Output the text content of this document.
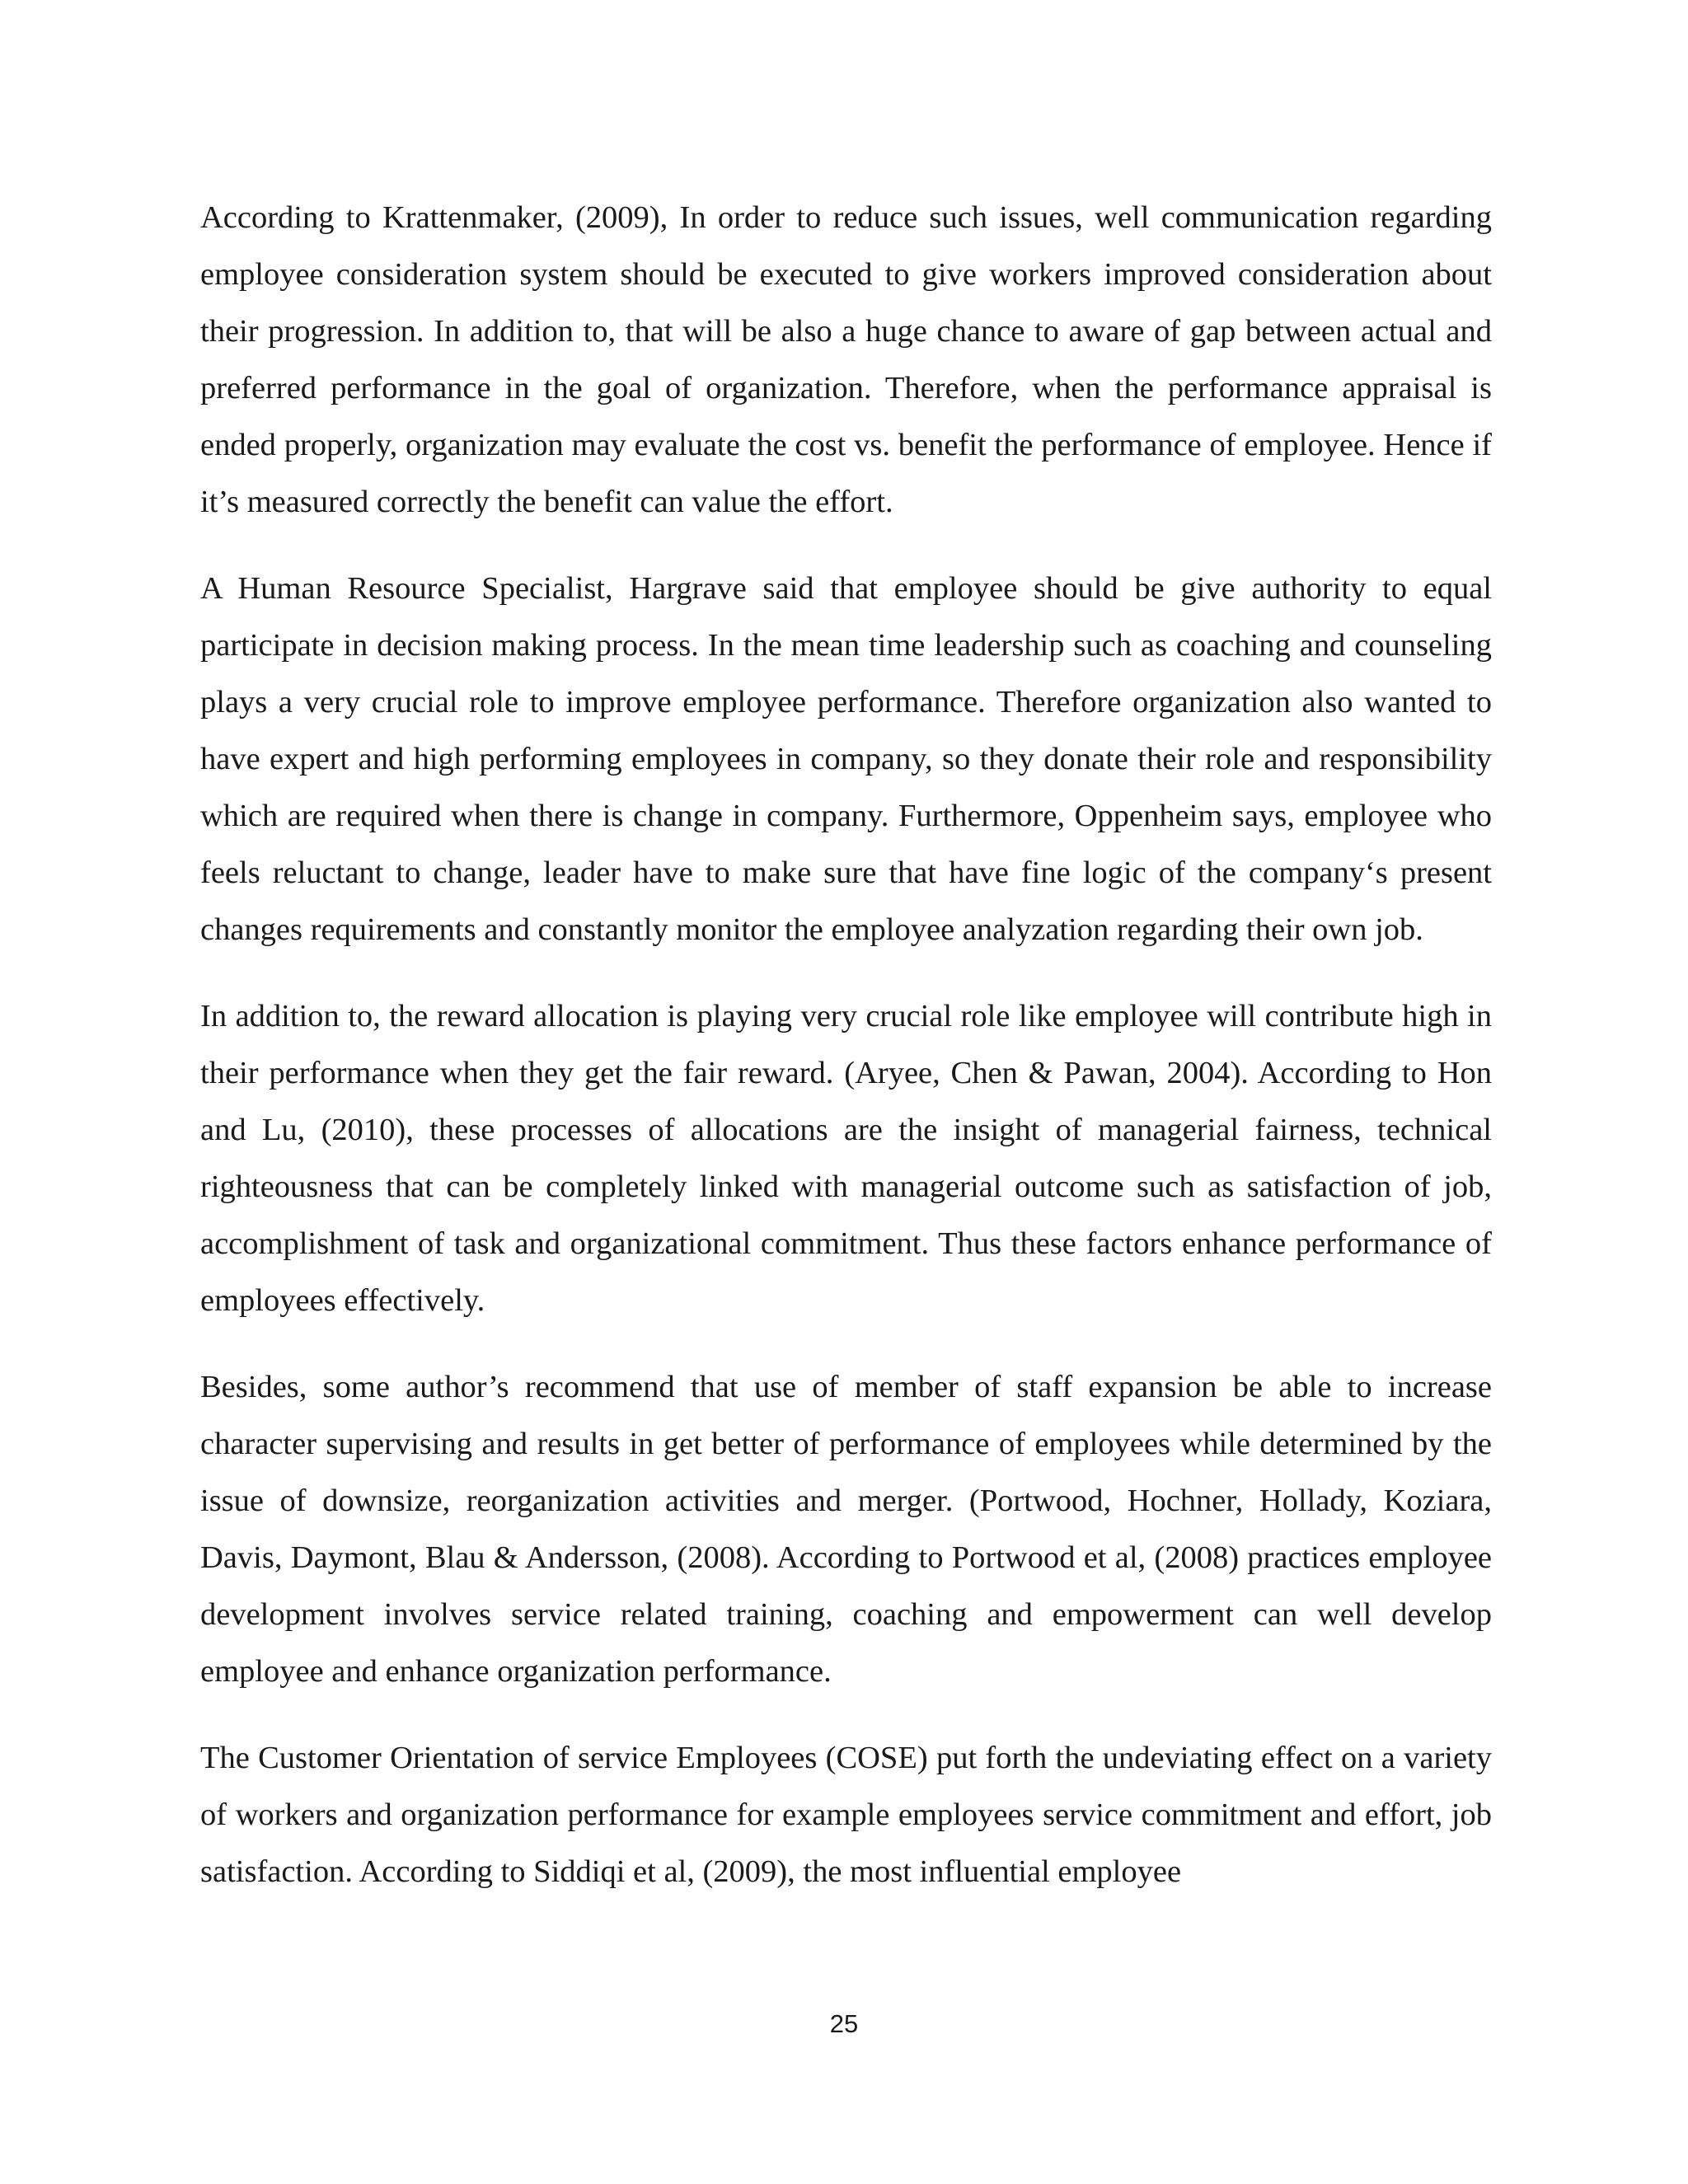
According to Krattenmaker, (2009), In order to reduce such issues, well communication regarding employee consideration system should be executed to give workers improved consideration about their progression. In addition to, that will be also a huge chance to aware of gap between actual and preferred performance in the goal of organization. Therefore, when the performance appraisal is ended properly, organization may evaluate the cost vs. benefit the performance of employee. Hence if it’s measured correctly the benefit can value the effort.

A Human Resource Specialist, Hargrave said that employee should be give authority to equal participate in decision making process. In the mean time leadership such as coaching and counseling plays a very crucial role to improve employee performance. Therefore organization also wanted to have expert and high performing employees in company, so they donate their role and responsibility which are required when there is change in company. Furthermore, Oppenheim says, employee who feels reluctant to change, leader have to make sure that have fine logic of the company‘s present changes requirements and constantly monitor the employee analyzation regarding their own job.

In addition to, the reward allocation is playing very crucial role like employee will contribute high in their performance when they get the fair reward. (Aryee, Chen & Pawan, 2004). According to Hon and Lu, (2010), these processes of allocations are the insight of managerial fairness, technical righteousness that can be completely linked with managerial outcome such as satisfaction of job, accomplishment of task and organizational commitment. Thus these factors enhance performance of employees effectively.

Besides, some author’s recommend that use of member of staff expansion be able to increase character supervising and results in get better of performance of employees while determined by the issue of downsize, reorganization activities and merger. (Portwood, Hochner, Hollady, Koziara, Davis, Daymont, Blau & Andersson, (2008). According to Portwood et al, (2008) practices employee development involves service related training, coaching and empowerment can well develop employee and enhance organization performance.

The Customer Orientation of service Employees (COSE) put forth the undeviating effect on a variety of workers and organization performance for example employees service commitment and effort, job satisfaction. According to Siddiqi et al, (2009), the most influential employee

25
